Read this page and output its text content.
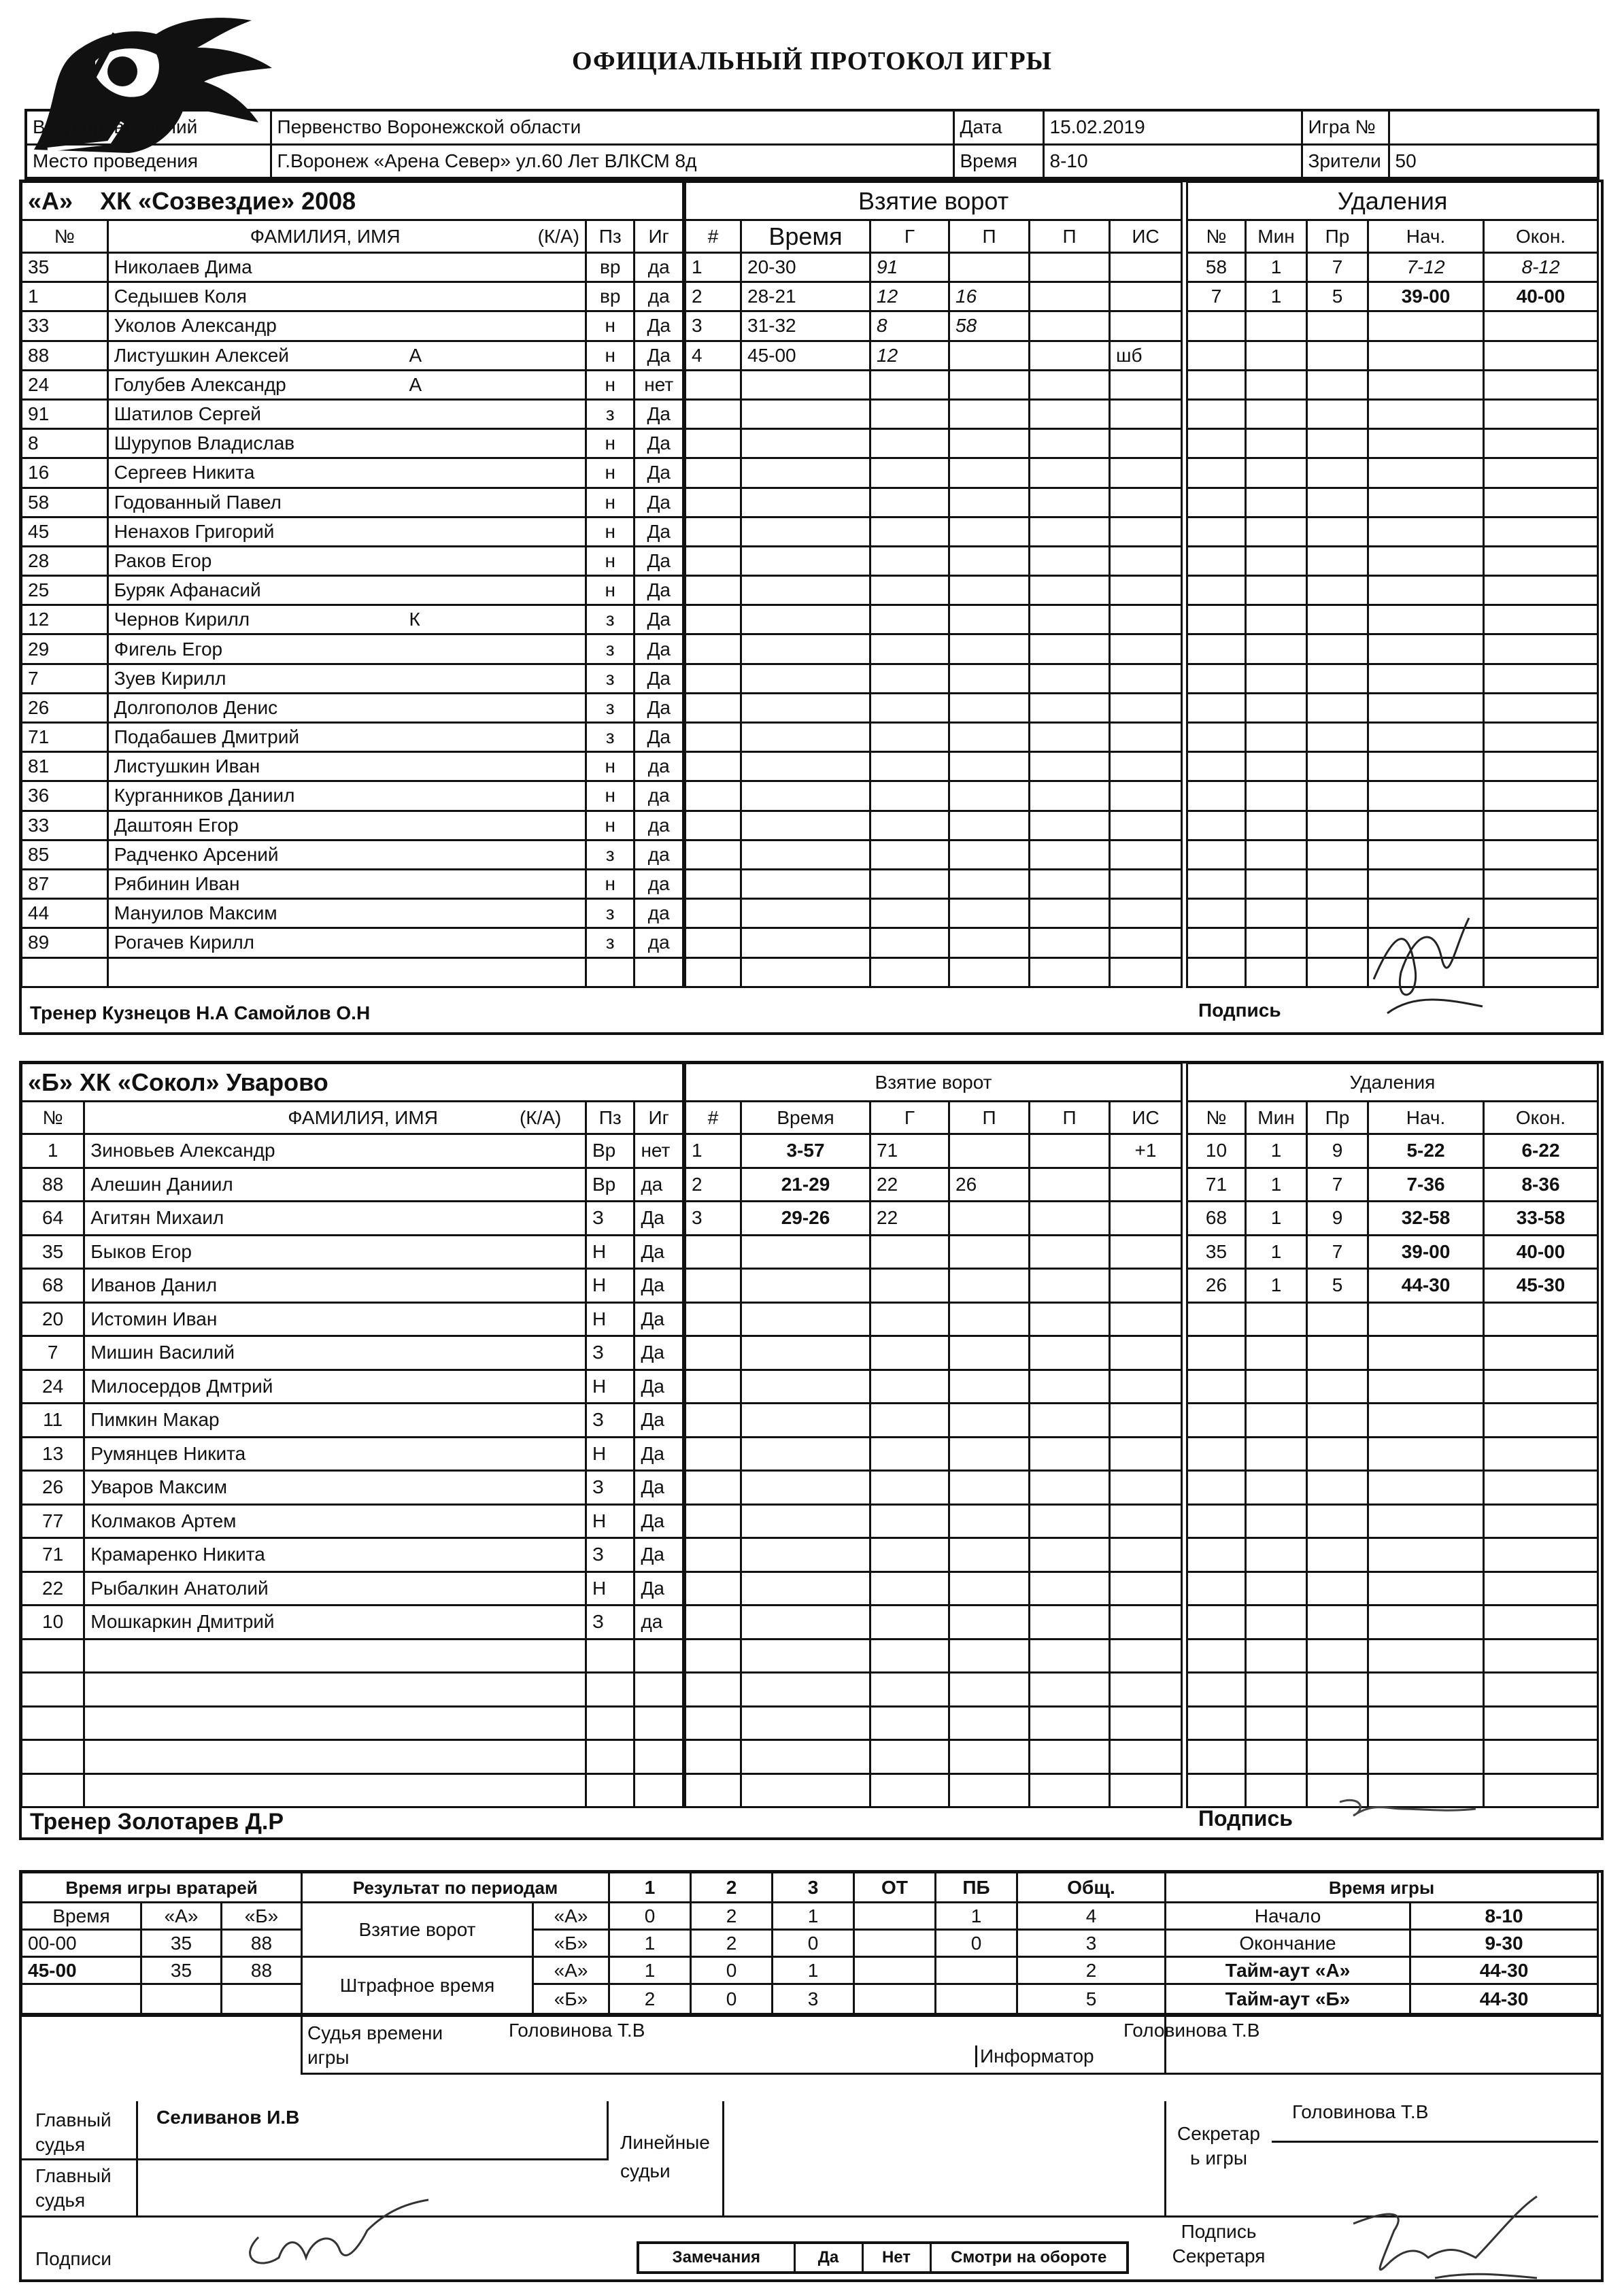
ОФИЦИАЛЬНЫЙ ПРОТОКОЛ ИГРЫ
Вид соревнований	Первенство Воронежской области	Дата	15.02.2019	Игра №	
Место проведения	Г.Воронеж «Арена Север» ул.60 Лет ВЛКСМ 8д	Время	8-10	Зрители	50
«А» ХК «Созвездие» 2008			
№	ФАМИЛИЯ, ИМЯ (К/А)	Пз	Иг
35	Николаев Дима	вр	да
1	Седышев Коля	вр	да
33	Уколов Александр	н	Да
88	Листушкин Алексей А	н	Да
24	Голубев Александр А	н	нет
91	Шатилов Сергей	з	Да
8	Шурупов Владислав	н	Да
16	Сергеев Никита	н	Да
58	Годованный Павел	н	Да
45	Ненахов Григорий	н	Да
28	Раков Егор	н	Да
25	Буряк Афанасий	н	Да
12	Чернов Кирилл К	з	Да
29	Фигель Егор	з	Да
7	Зуев Кирилл	з	Да
26	Долгополов Денис	з	Да
71	Подабашев Дмитрий	з	Да
81	Листушкин Иван	н	да
36	Курганников Даниил	н	да
33	Даштоян Егор	н	да
85	Радченко Арсений	з	да
87	Рябинин Иван	н	да
44	Мануилов Максим	з	да
89	Рогачев Кирилл	з	да

Взятие ворот					
#	Время	Г	П	П	ИС
1	20-30	91			
2	28-21	12	16		
3	31-32	8	58		
4	45-00	12			шб

Удаления				
№	Мин	Пр	Нач.	Окон.
58	1	7	7-12	8-12
7	1	5	39-00	40-00

Тренер Кузнецов Н.А Самойлов О.Н	Подпись
«Б» ХК «Сокол» Уварово			
№	ФАМИЛИЯ, ИМЯ (К/А)	Пз	Иг
1	Зиновьев Александр	Вр	нет
88	Алешин Даниил	Вр	да
64	Агитян Михаил	З	Да
35	Быков Егор	Н	Да
68	Иванов Данил	Н	Да
20	Истомин Иван	Н	Да
7	Мишин Василий	З	Да
24	Милосердов Дмтрий	Н	Да
11	Пимкин Макар	З	Да
13	Румянцев Никита	Н	Да
26	Уваров Максим	З	Да
77	Колмаков Артем	Н	Да
71	Крамаренко Никита	З	Да
22	Рыбалкин Анатолий	Н	Да
10	Мошкаркин Дмитрий	З	да

Взятие ворот					
#	Время	Г	П	П	ИС
1	3-57	71			+1
2	21-29	22	26		
3	29-26	22			

Удаления				
№	Мин	Пр	Нач.	Окон.
10	1	9	5-22	6-22
71	1	7	7-36	8-36
68	1	9	32-58	33-58
35	1	7	39-00	40-00
26	1	5	44-30	45-30

Тренер Золотарев Д.Р	Подпись
Время игры вратарей		
Время	«А»	«Б»
00-00	35	88
45-00	35	88

Результат по периодам		1	2	3	ОТ	ПБ	Общ.
Взятие ворот	«А»	0	2	1		1	4
	«Б»	1	2	0		0	3
Штрафное время	«А»	1	0	1			2
	«Б»	2	0	3			5
Время игры	
Начало	8-10
Окончание	9-30
Тайм-аут «А»	44-30
Тайм-аут «Б»	44-30
Судья времени игры
Головинова Т.В
Информатор
Головинова Т.В
Главный судья
Селиванов И.В
Главный судья
Линейные судьи
Секретар ь игры
Головинова Т.В
Подписи
Подпись Секретаря
Замечания	Да	Нет	Смотри на обороте
